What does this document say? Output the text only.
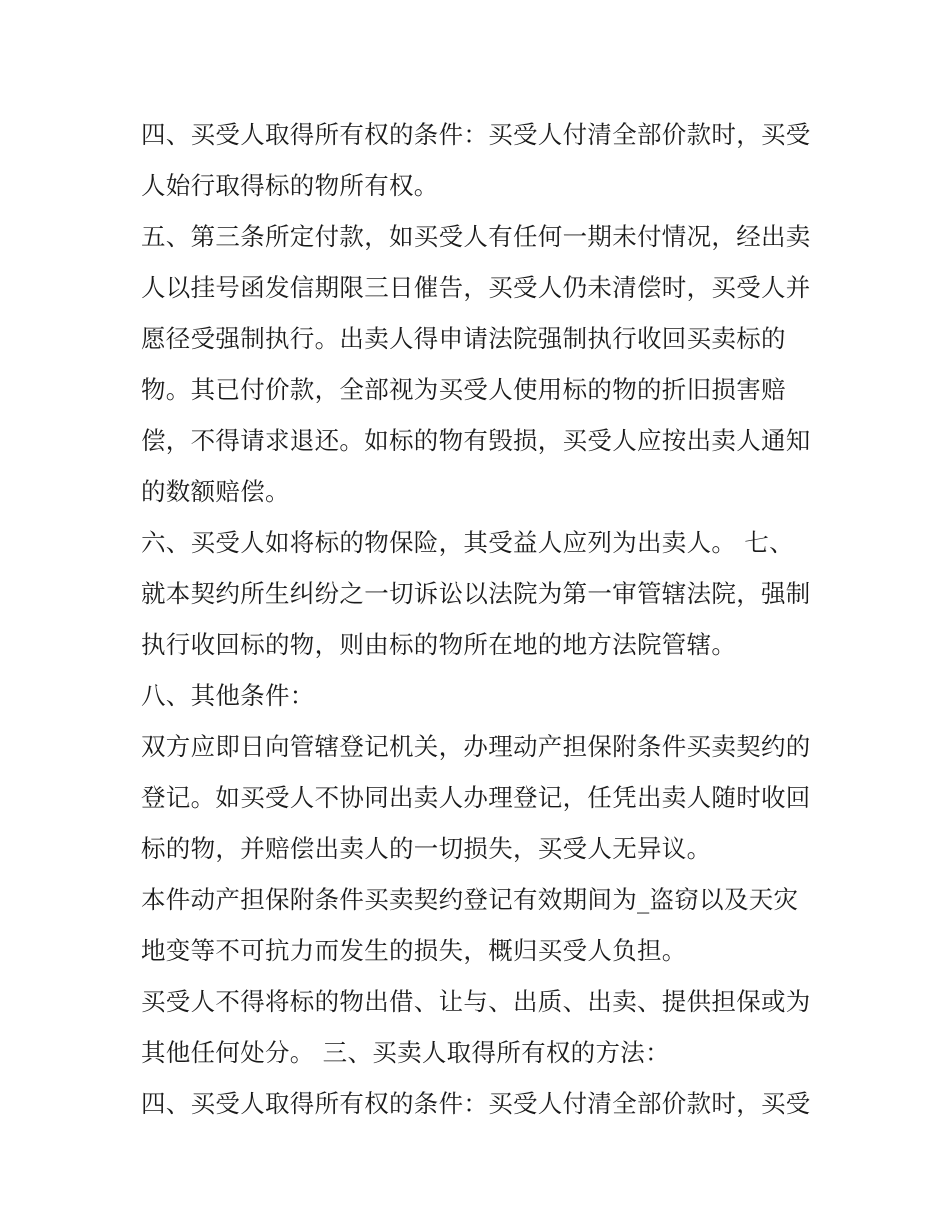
四、买受人取得所有权的条件：买受人付清全部价款时，买受
人始行取得标的物所有权。
五、第三条所定付款，如买受人有任何一期未付情况，经出卖
人以挂号函发信期限三日催告，买受人仍未清偿时，买受人并
愿径受强制执行。出卖人得申请法院强制执行收回买卖标的
物。其已付价款，全部视为买受人使用标的物的折旧损害赔
偿，不得请求退还。如标的物有毁损，买受人应按出卖人通知
的数额赔偿。
六、买受人如将标的物保险，其受益人应列为出卖人。 七、
就本契约所生纠纷之一切诉讼以法院为第一审管辖法院，强制
执行收回标的物，则由标的物所在地的地方法院管辖。
八、其他条件：
双方应即日向管辖登记机关，办理动产担保附条件买卖契约的
登记。如买受人不协同出卖人办理登记，任凭出卖人随时收回
标的物，并赔偿出卖人的一切损失，买受人无异议。
本件动产担保附条件买卖契约登记有效期间为_盗窃以及天灾
地变等不可抗力而发生的损失，概归买受人负担。
买受人不得将标的物出借、让与、出质、出卖、提供担保或为
其他任何处分。 三、买卖人取得所有权的方法：
四、买受人取得所有权的条件：买受人付清全部价款时，买受
